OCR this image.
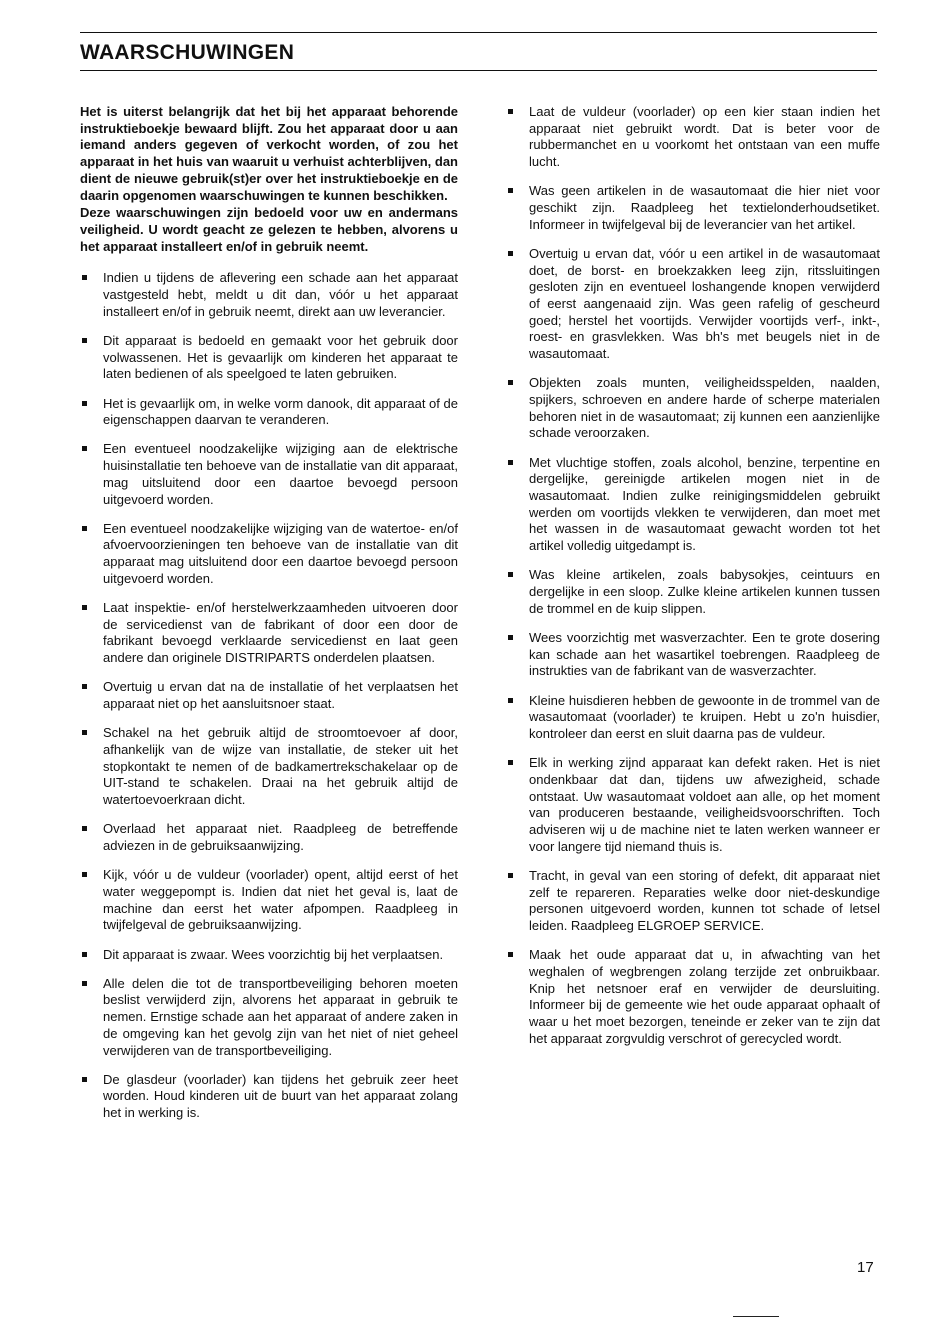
WAARSCHUWINGEN

Het is uiterst belangrijk dat het bij het apparaat behorende instruktieboekje bewaard blijft. Zou het apparaat door u aan iemand anders gegeven of verkocht worden, of zou het apparaat in het huis van waaruit u verhuist achterblijven, dan dient de nieuwe gebruik(st)er over het instruktieboekje en de daarin opgenomen waarschuwingen te kunnen beschikken.

Deze waarschuwingen zijn bedoeld voor uw en andermans veiligheid. U wordt geacht ze gelezen te hebben, alvorens u het apparaat installeert en/of in gebruik neemt.

Indien u tijdens de aflevering een schade aan het apparaat vastgesteld hebt, meldt u dit dan, vóór u het apparaat installeert en/of in gebruik neemt, direkt aan uw leverancier.
Dit apparaat is bedoeld en gemaakt voor het gebruik door volwassenen. Het is gevaarlijk om kinderen het apparaat te laten bedienen of als speelgoed te laten gebruiken.
Het is gevaarlijk om, in welke vorm danook, dit apparaat of de eigenschappen daarvan te veranderen.
Een eventueel noodzakelijke wijziging aan de elektrische huisinstallatie ten behoeve van de installatie van dit apparaat, mag uitsluitend door een daartoe bevoegd persoon uitgevoerd worden.
Een eventueel noodzakelijke wijziging van de watertoe- en/of afvoervoorzieningen ten behoeve van de installatie van dit apparaat mag uitsluitend door een daartoe bevoegd persoon uitgevoerd worden.
Laat inspektie- en/of herstelwerkzaamheden uitvoeren door de servicedienst van de fabrikant of door een door de fabrikant bevoegd verklaarde servicedienst en laat geen andere dan originele DISTRIPARTS onderdelen plaatsen.
Overtuig u ervan dat na de installatie of het verplaatsen het apparaat niet op het aansluitsnoer staat.
Schakel na het gebruik altijd de stroomtoevoer af door, afhankelijk van de wijze van installatie, de steker uit het stopkontakt te nemen of de badkamertrekschakelaar op de UIT-stand te schakelen. Draai na het gebruik altijd de watertoevoerkraan dicht.
Overlaad het apparaat niet. Raadpleeg de betreffende adviezen in de gebruiksaanwijzing.
Kijk, vóór u de vuldeur (voorlader) opent, altijd eerst of het water weggepompt is. Indien dat niet het geval is, laat de machine dan eerst het water afpompen. Raadpleeg in twijfelgeval de gebruiksaanwijzing.
Dit apparaat is zwaar. Wees voorzichtig bij het verplaatsen.
Alle delen die tot de transportbeveiliging behoren moeten beslist verwijderd zijn, alvorens het apparaat in gebruik te nemen. Ernstige schade aan het apparaat of andere zaken in de omgeving kan het gevolg zijn van het niet of niet geheel verwijderen van de transportbeveiliging.
De glasdeur (voorlader) kan tijdens het gebruik zeer heet worden. Houd kinderen uit de buurt van het apparaat zolang het in werking is.
Laat de vuldeur (voorlader) op een kier staan indien het apparaat niet gebruikt wordt. Dat is beter voor de rubbermanchet en u voorkomt het ontstaan van een muffe lucht.
Was geen artikelen in de wasautomaat die hier niet voor geschikt zijn. Raadpleeg het textielonderhoudsetiket. Informeer in twijfelgeval bij de leverancier van het artikel.
Overtuig u ervan dat, vóór u een artikel in de wasautomaat doet, de borst- en broekzakken leeg zijn, ritssluitingen gesloten zijn en eventueel loshangende knopen verwijderd of eerst aangenaaid zijn. Was geen rafelig of gescheurd goed; herstel het voortijds. Verwijder voortijds verf-, inkt-, roest- en grasvlekken. Was bh's met beugels niet in de wasautomaat.
Objekten zoals munten, veiligheidsspelden, naalden, spijkers, schroeven en andere harde of scherpe materialen behoren niet in de wasautomaat; zij kunnen een aanzienlijke schade veroorzaken.
Met vluchtige stoffen, zoals alcohol, benzine, terpentine en dergelijke, gereinigde artikelen mogen niet in de wasautomaat. Indien zulke reinigingsmiddelen gebruikt werden om voortijds vlekken te verwijderen, dan moet met het wassen in de wasautomaat gewacht worden tot het artikel volledig uitgedampt is.
Was kleine artikelen, zoals babysokjes, ceintuurs en dergelijke in een sloop. Zulke kleine artikelen kunnen tussen de trommel en de kuip slippen.
Wees voorzichtig met wasverzachter. Een te grote dosering kan schade aan het wasartikel toebrengen. Raadpleeg de instrukties van de fabrikant van de wasverzachter.
Kleine huisdieren hebben de gewoonte in de trommel van de wasautomaat (voorlader) te kruipen. Hebt u zo'n huisdier, kontroleer dan eerst en sluit daarna pas de vuldeur.
Elk in werking zijnd apparaat kan defekt raken. Het is niet ondenkbaar dat dan, tijdens uw afwezigheid, schade ontstaat. Uw wasautomaat voldoet aan alle, op het moment van produceren bestaande, veiligheidsvoorschriften. Toch adviseren wij u de machine niet te laten werken wanneer er voor langere tijd niemand thuis is.
Tracht, in geval van een storing of defekt, dit apparaat niet zelf te repareren. Reparaties welke door niet-deskundige personen uitgevoerd worden, kunnen tot schade of letsel leiden. Raadpleeg ELGROEP SERVICE.
Maak het oude apparaat dat u, in afwachting van het weghalen of wegbrengen zolang terzijde zet onbruikbaar. Knip het netsnoer eraf en verwijder de deursluiting. Informeer bij de gemeente wie het oude apparaat ophaalt of waar u het moet bezorgen, teneinde er zeker van te zijn dat het apparaat zorgvuldig verschrot of gerecycled wordt.
17
